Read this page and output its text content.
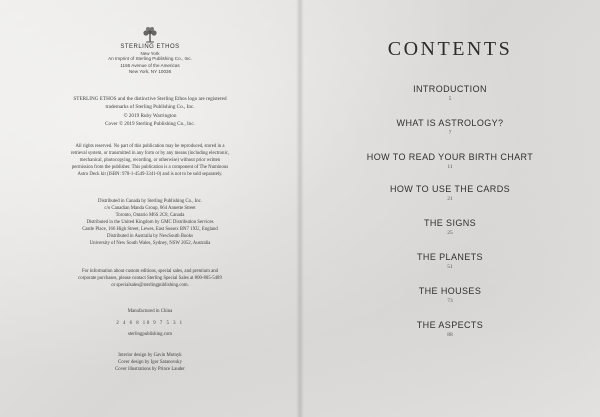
STERLING ETHOS
New York
An Imprint of Sterling Publishing Co., Inc.
1166 Avenue of the Americas
New York, NY 10036
STERLING ETHOS and the distinctive Sterling Ethos logo are registered
trademarks of Sterling Publishing Co., Inc.
© 2019 Ruby Warrington
Cover © 2019 Sterling Publishing Co., Inc.
All rights reserved. No part of this publication may be reproduced, stored in a
retrieval system, or transmitted in any form or by any means (including electronic,
mechanical, photocopying, recording, or otherwise) without prior written
permission from the publisher. This publication is a component of The Numinous
Astro Deck kit (ISBN: 978-1-4549-3341-0) and is not to be sold separately.
Distributed in Canada by Sterling Publishing Co., Inc.
c/o Canadian Manda Group, 664 Annette Street
Toronto, Ontario M6S 2C8, Canada
Distributed in the United Kingdom by GMC Distribution Services
Castle Place, 166 High Street, Lewes, East Sussex BN7 1XU, England
Distributed in Australia by NewSouth Books
University of New South Wales, Sydney, NSW 2052, Australia
For information about custom editions, special sales, and premium and
corporate purchases, please contact Sterling Special Sales at 800-805-5489
or specialsales@sterlingpublishing.com.
Manufactured in China
2 4 6 8 10 9 7 5 3 1
sterlingpublishing.com
Interior design by Gavin Motnyk
Cover design by Igor Satanovsky
Cover illustrations by Prince Lauder
CONTENTS
INTRODUCTION
5
WHAT IS ASTROLOGY?
7
HOW TO READ YOUR BIRTH CHART
11
HOW TO USE THE CARDS
21
THE SIGNS
25
THE PLANETS
51
THE HOUSES
73
THE ASPECTS
88
